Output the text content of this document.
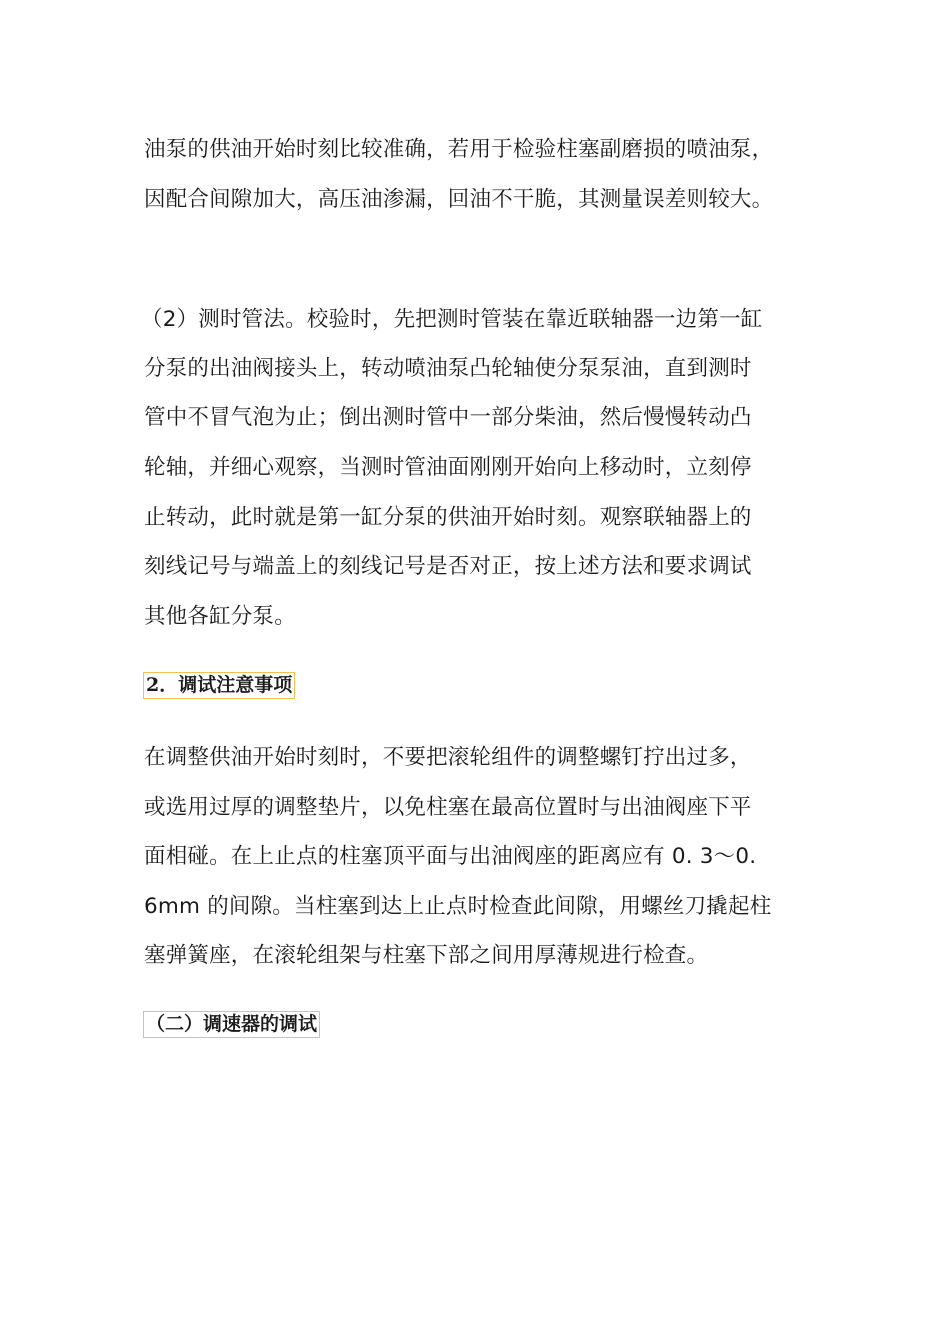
油泵的供油开始时刻比较准确，若用于检验柱塞副磨损的喷油泵，
因配合间隙加大，高压油渗漏，回油不干脆，其测量误差则较大。
（2）测时管法。校验时，先把测时管装在靠近联轴器一边第一缸
分泵的出油阀接头上，转动喷油泵凸轮轴使分泵泵油，直到测时
管中不冒气泡为止；倒出测时管中一部分柴油，然后慢慢转动凸
轮轴，并细心观察，当测时管油面刚刚开始向上移动时，立刻停
止转动，此时就是第一缸分泵的供油开始时刻。观察联轴器上的
刻线记号与端盖上的刻线记号是否对正，按上述方法和要求调试
其他各缸分泵。
2．调试注意事项
在调整供油开始时刻时，不要把滚轮组件的调整螺钉拧出过多，
或选用过厚的调整垫片，以免柱塞在最高位置时与出油阀座下平
面相碰。在上止点的柱塞顶平面与出油阀座的距离应有 0. 3～0.
6mm 的间隙。当柱塞到达上止点时检查此间隙，用螺丝刀撬起柱
塞弹簧座，在滚轮组架与柱塞下部之间用厚薄规进行检查。
（二）调速器的调试
